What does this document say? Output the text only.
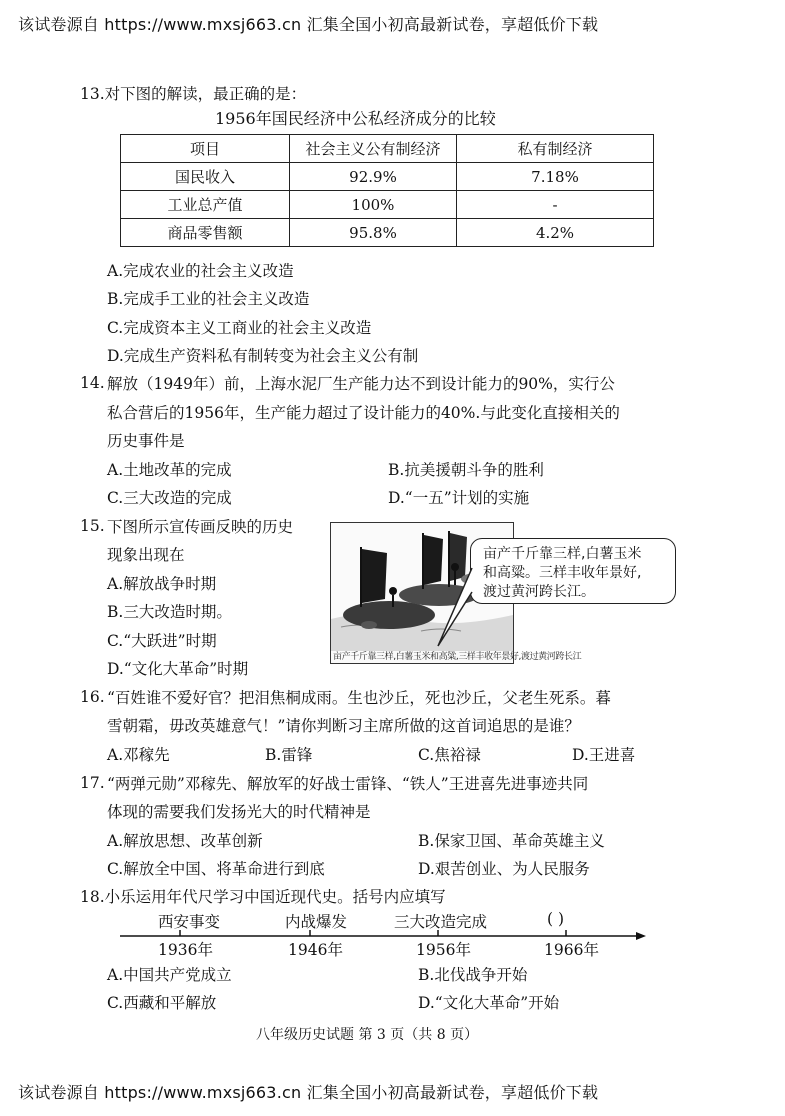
该试卷源自 https://www.mxsj663.cn 汇集全国小初高最新试卷，享超低价下载
13.对下图的解读，最正确的是：
1956年国民经济中公私经济成分的比较
项目	社会主义公有制经济	私有制经济
国民收入	92.9%	7.18%
工业总产值	100%	-
商品零售额	95.8%	4.2%
A.完成农业的社会主义改造
B.完成手工业的社会主义改造
C.完成资本主义工商业的社会主义改造
D.完成生产资料私有制转变为社会主义公有制
14. 解放（1949年）前，上海水泥厂生产能力达不到设计能力的90%，实行公
私合营后的1956年，生产能力超过了设计能力的40%.与此变化直接相关的
历史事件是
A.土地改革的完成	B.抗美援朝斗争的胜利
C.三大改造的完成	D.“一五”计划的实施
15. 下图所示宣传画反映的历史
现象出现在
A.解放战争时期
B.三大改造时期。
C.“大跃进”时期
D.“文化大革命”时期
亩产千斤靠三样,白薯玉米和高粱,三样丰收年景好,渡过黄河跨长江
亩产千斤靠三样,白薯玉米
和高粱。三样丰收年景好,
渡过黄河跨长江。
16. “百姓谁不爱好官？把泪焦桐成雨。生也沙丘，死也沙丘，父老生死系。暮
雪朝霜，毋改英雄意气！”请你判断习主席所做的这首词追思的是谁？
A.邓稼先	B.雷锋	C.焦裕禄	D.王进喜
17. “两弹元勋”邓稼先、解放军的好战士雷锋、“铁人”王进喜先进事迹共同
体现的需要我们发扬光大的时代精神是
A.解放思想、改革创新	B.保家卫国、革命英雄主义
C.解放全中国、将革命进行到底	D.艰苦创业、为人民服务
18.小乐运用年代尺学习中国近现代史。括号内应填写
西安事变	内战爆发	三大改造完成	( )
1936年	1946年	1956年	1966年
A.中国共产党成立	B.北伐战争开始
C.西藏和平解放	D.“文化大革命”开始
八年级历史试题 第 3 页（共 8 页）
该试卷源自 https://www.mxsj663.cn 汇集全国小初高最新试卷，享超低价下载
